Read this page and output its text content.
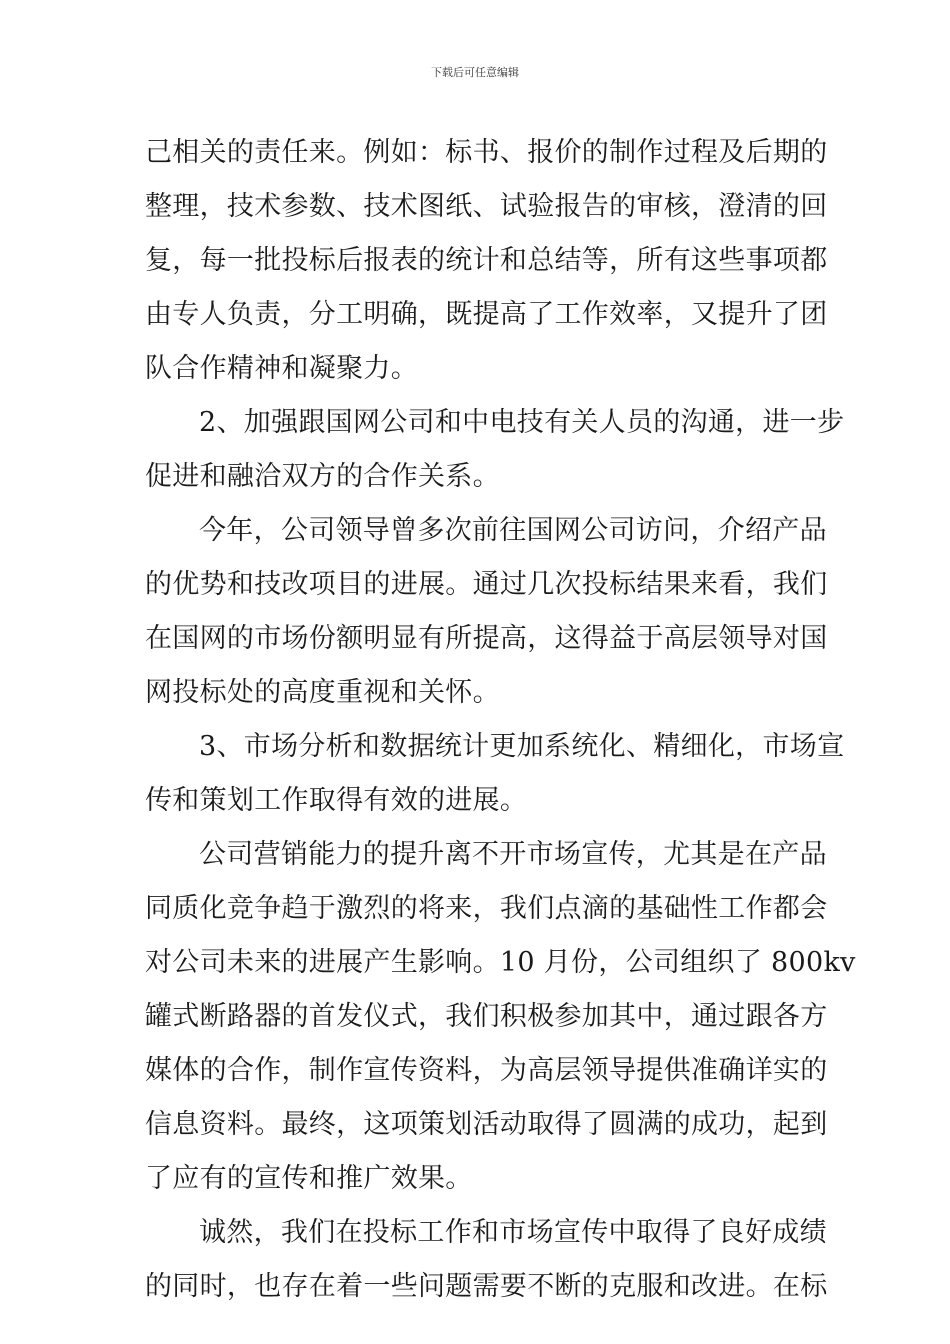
下载后可任意编辑
己相关的责任来。例如：标书、报价的制作过程及后期的
整理，技术参数、技术图纸、试验报告的审核，澄清的回
复，每一批投标后报表的统计和总结等，所有这些事项都
由专人负责，分工明确，既提高了工作效率，又提升了团
队合作精神和凝聚力。
2、加强跟国网公司和中电技有关人员的沟通，进一步
促进和融洽双方的合作关系。
今年，公司领导曾多次前往国网公司访问，介绍产品
的优势和技改项目的进展。通过几次投标结果来看，我们
在国网的市场份额明显有所提高，这得益于高层领导对国
网投标处的高度重视和关怀。
3、市场分析和数据统计更加系统化、精细化，市场宣
传和策划工作取得有效的进展。
公司营销能力的提升离不开市场宣传，尤其是在产品
同质化竞争趋于激烈的将来，我们点滴的基础性工作都会
对公司未来的进展产生影响。10 月份，公司组织了 800kv
罐式断路器的首发仪式，我们积极参加其中，通过跟各方
媒体的合作，制作宣传资料，为高层领导提供准确详实的
信息资料。最终，这项策划活动取得了圆满的成功，起到
了应有的宣传和推广效果。
诚然，我们在投标工作和市场宣传中取得了良好成绩
的同时，也存在着一些问题需要不断的克服和改进。在标
